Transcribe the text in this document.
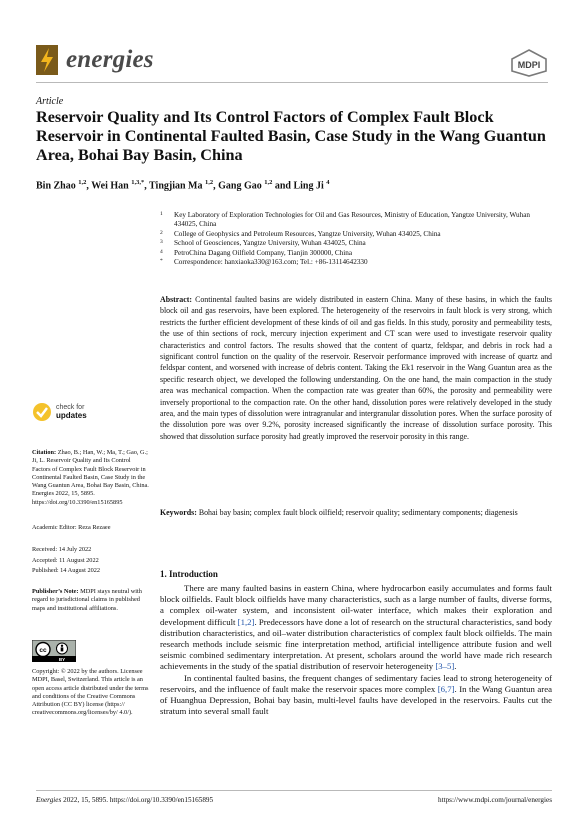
energies	MDPI
Article
Reservoir Quality and Its Control Factors of Complex Fault Block Reservoir in Continental Faulted Basin, Case Study in the Wang Guantun Area, Bohai Bay Basin, China
Bin Zhao $^{1,2}$, Wei Han $^{1,3,*}$, Tingjian Ma $^{1,2}$, Gang Gao $^{1,2}$ and Ling Ji $^4$
1 Key Laboratory of Exploration Technologies for Oil and Gas Resources, Ministry of Education, Yangtze University, Wuhan 434025, China
2 College of Geophysics and Petroleum Resources, Yangtze University, Wuhan 434025, China
3 School of Geosciences, Yangtze University, Wuhan 434025, China
4 PetroChina Dagang Oilfield Company, Tianjin 300000, China
* Correspondence: hanxiaoka330@163.com; Tel.: +86-13114642330
Abstract: Continental faulted basins are widely distributed in eastern China. Many of these basins, in which the faults block oil and gas reservoirs, have been explored. The heterogeneity of the reservoirs in fault block is very strong, which restricts the further efficient development of these kinds of oil and gas fields. In this study, porosity and permeability tests, the use of thin sections of rock, mercury injection experiment and CT scan were used to investigate reservoir quality characteristics and control factors. The results showed that the content of quartz, feldspar, and debris in rock had a significant control function on the quality of the reservoir. Reservoir performance improved with increase of quartz and feldspar content, and worsened with increase of debris content. Taking the Ek1 reservoir in the Wang Guantun area as the specific research object, we developed the following understanding. On the one hand, the main compaction in the study area was mechanical compaction. When the compaction rate was greater than 60%, the porosity and permeability were inversely proportional to the compaction rate. On the other hand, dissolution pores were relatively developed in the study area, and the main types of dissolution were intragranular and intergranular dissolution pores. When the surface porosity of the dissolution pore was over 9.2%, porosity increased significantly the increase of dissolution surface porosity. This showed that dissolution surface porosity had greatly improved the reservoir porosity in this range.
Keywords: Bohai bay basin; complex fault block oilfield; reservoir quality; sedimentary components; diagenesis
check for
updates
Citation: Zhao, B.; Han, W.; Ma, T.; Gao, G.; Ji, L. Reservoir Quality and Its Control Factors of Complex Fault Block Reservoir in Continental Faulted Basin, Case Study in the Wang Guantun Area, Bohai Bay Basin, China. Energies 2022, 15, 5895. https://doi.org/10.3390/en15165895
Academic Editor: Reza Rezaee
Received: 14 July 2022
Accepted: 11 August 2022
Published: 14 August 2022
Publisher’s Note: MDPI stays neutral with regard to jurisdictional claims in published maps and institutional affiliations.
cc
BY
Copyright: © 2022 by the authors. Licensee MDPI, Basel, Switzerland. This article is an open access article distributed under the terms and conditions of the Creative Commons Attribution (CC BY) license (https:// creativecommons.org/licenses/by/ 4.0/).
1. Introduction

There are many faulted basins in eastern China, where hydrocarbon easily accumulates and forms fault block oilfields. Fault block oilfields have many characteristics, such as a large number of faults, diverse forms, a complex oil-water system, and inconsistent oil-water interface, which makes their exploration and development difficult [1,2]. Predecessors have done a lot of research on the structural characteristics, sand body distribution characteristics, and oil–water distribution characteristics of complex fault block oilfields. The main research methods include seismic fine interpretation method, artificial intelligence attribute fusion and well seismic combined sedimentary interpretation. At present, scholars around the world have made rich research achievements in the study of the spatial distribution of reservoir heterogeneity [3–5].

In continental faulted basins, the frequent changes of sedimentary facies lead to strong heterogeneity of reservoirs, and the influence of fault make the reservoir spaces more complex [6,7]. In the Wang Guantun area of Huanghua Depression, Bohai bay basin, multi-level faults have developed in the reservoirs. Faults cut the stratum into several small fault

Energies 2022, 15, 5895. https://doi.org/10.3390/en15165895	https://www.mdpi.com/journal/energies
